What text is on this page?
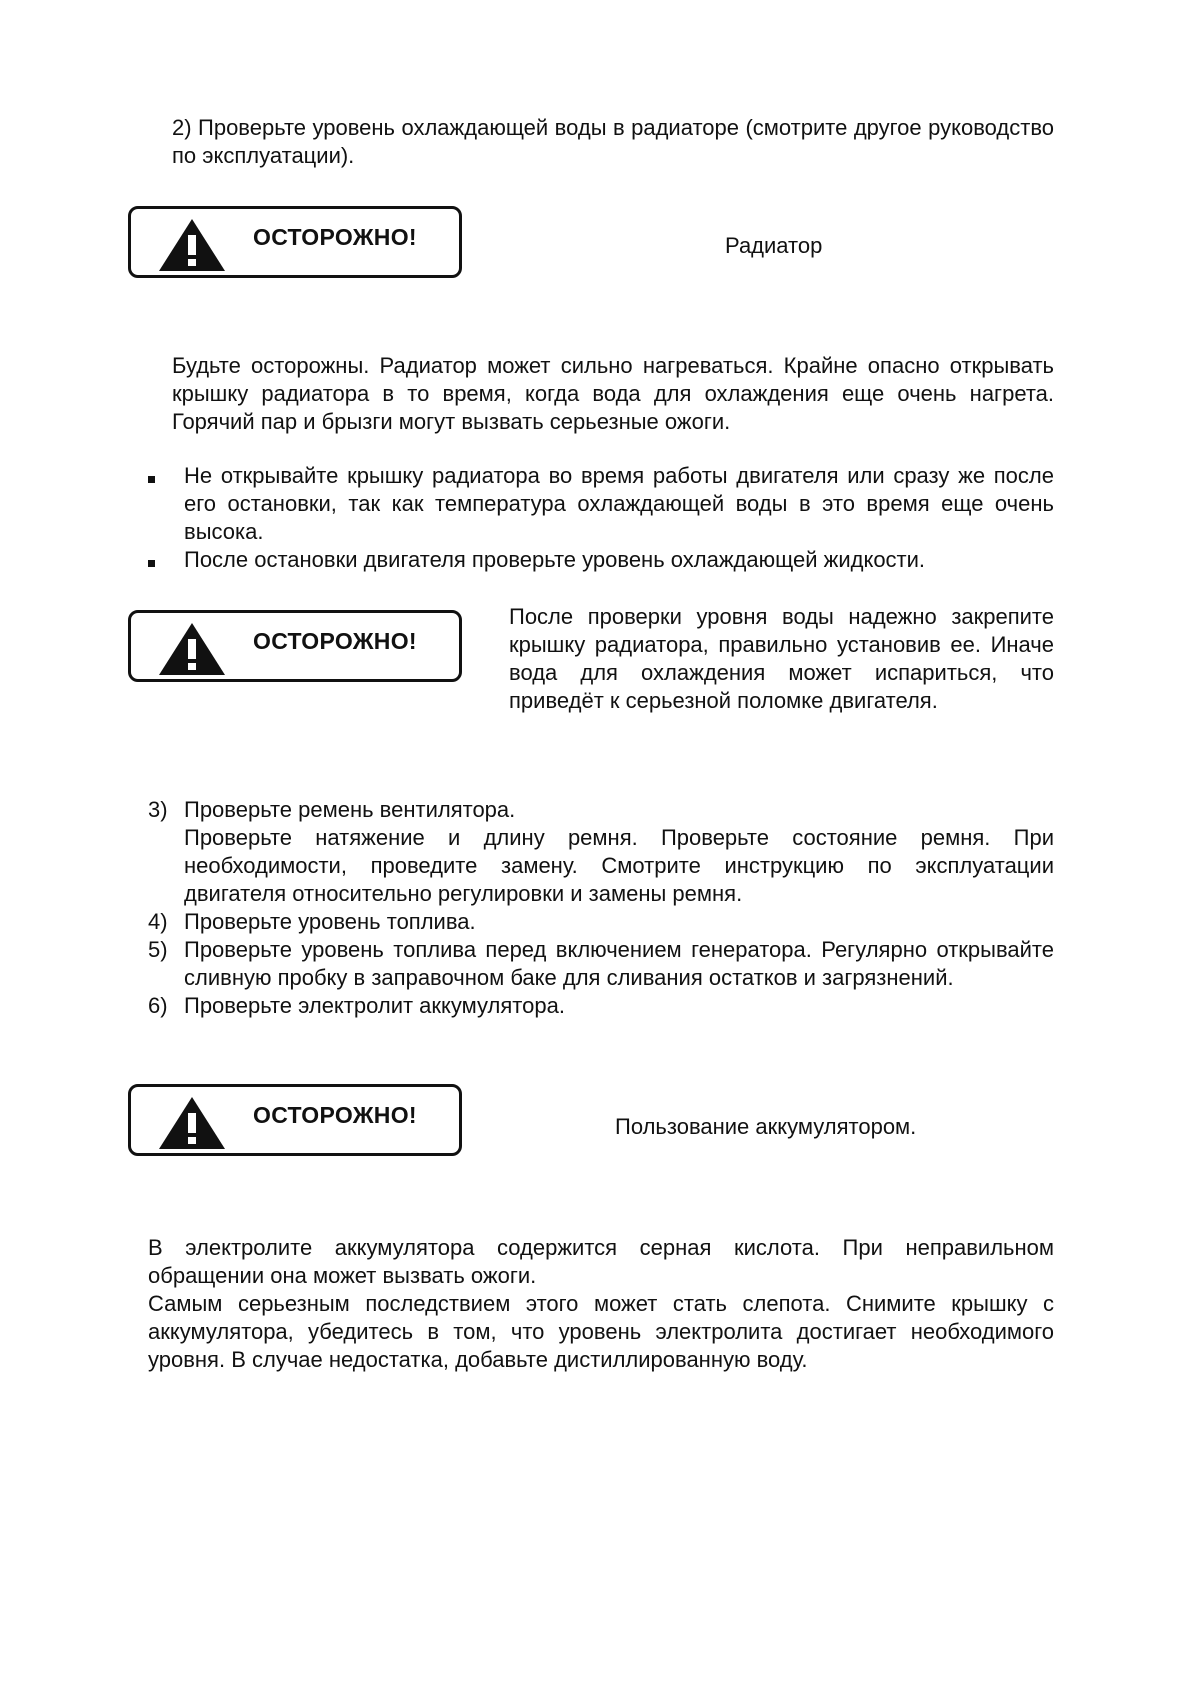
2) Проверьте уровень охлаждающей воды в радиаторе (смотрите другое руководство по эксплуатации).
ОСТОРОЖНО!	Радиатор
Будьте осторожны. Радиатор может сильно нагреваться. Крайне опасно открывать крышку радиатора в то время, когда вода для охлаждения еще очень нагрета. Горячий пар и брызги могут вызвать серьезные ожоги.
Не открывайте крышку радиатора во время работы двигателя или сразу же после его остановки, так как температура охлаждающей воды в это время еще очень высока.
После остановки двигателя проверьте уровень охлаждающей жидкости.
ОСТОРОЖНО!
После проверки уровня воды надежно закрепите крышку радиатора, правильно установив ее. Иначе вода для охлаждения может испариться, что приведёт к серьезной поломке двигателя.
3) Проверьте ремень вентилятора.
Проверьте натяжение и длину ремня. Проверьте состояние ремня. При необходимости, проведите замену. Смотрите инструкцию по эксплуатации двигателя относительно регулировки и замены ремня.
4) Проверьте уровень топлива.
5) Проверьте уровень топлива перед включением генератора. Регулярно открывайте сливную пробку в заправочном баке для сливания остатков и загрязнений.
6) Проверьте электролит аккумулятора.
ОСТОРОЖНО!	Пользование аккумулятором.
В электролите аккумулятора содержится серная кислота. При неправильном обращении она может вызвать ожоги.
Самым серьезным последствием этого может стать слепота. Снимите крышку с аккумулятора, убедитесь в том, что уровень электролита достигает необходимого уровня. В случае недостатка, добавьте дистиллированную воду.
